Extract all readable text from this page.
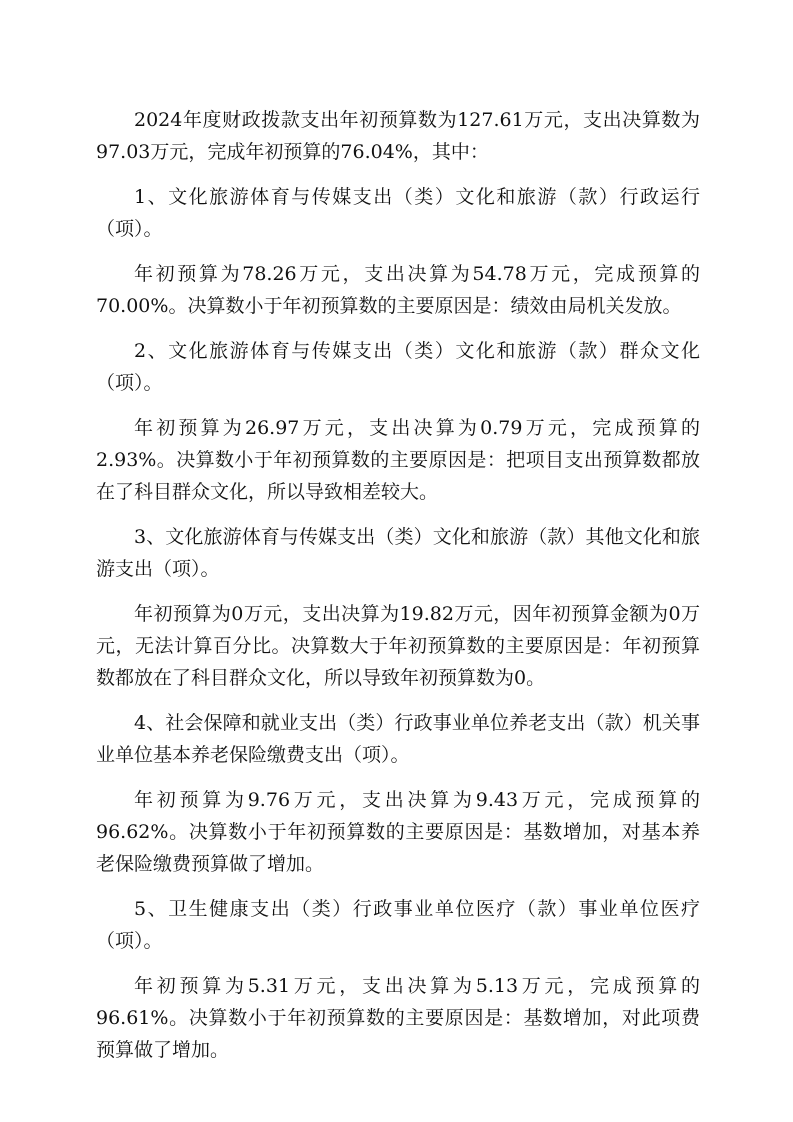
2024年度财政拨款支出年初预算数为127.61万元，支出决算数为97.03万元，完成年初预算的76.04%，其中：

1、文化旅游体育与传媒支出（类）文化和旅游（款）行政运行（项）。

年初预算为78.26万元，支出决算为54.78万元，完成预算的70.00%。决算数小于年初预算数的主要原因是：绩效由局机关发放。

2、文化旅游体育与传媒支出（类）文化和旅游（款）群众文化（项）。

年初预算为26.97万元，支出决算为0.79万元，完成预算的2.93%。决算数小于年初预算数的主要原因是：把项目支出预算数都放在了科目群众文化，所以导致相差较大。

3、文化旅游体育与传媒支出（类）文化和旅游（款）其他文化和旅游支出（项）。

年初预算为0万元，支出决算为19.82万元，因年初预算金额为0万元，无法计算百分比。决算数大于年初预算数的主要原因是：年初预算数都放在了科目群众文化，所以导致年初预算数为0。

4、社会保障和就业支出（类）行政事业单位养老支出（款）机关事业单位基本养老保险缴费支出（项）。

年初预算为9.76万元，支出决算为9.43万元，完成预算的96.62%。决算数小于年初预算数的主要原因是：基数增加，对基本养老保险缴费预算做了增加。

5、卫生健康支出（类）行政事业单位医疗（款）事业单位医疗（项）。

年初预算为5.31万元，支出决算为5.13万元，完成预算的96.61%。决算数小于年初预算数的主要原因是：基数增加，对此项费预算做了增加。
